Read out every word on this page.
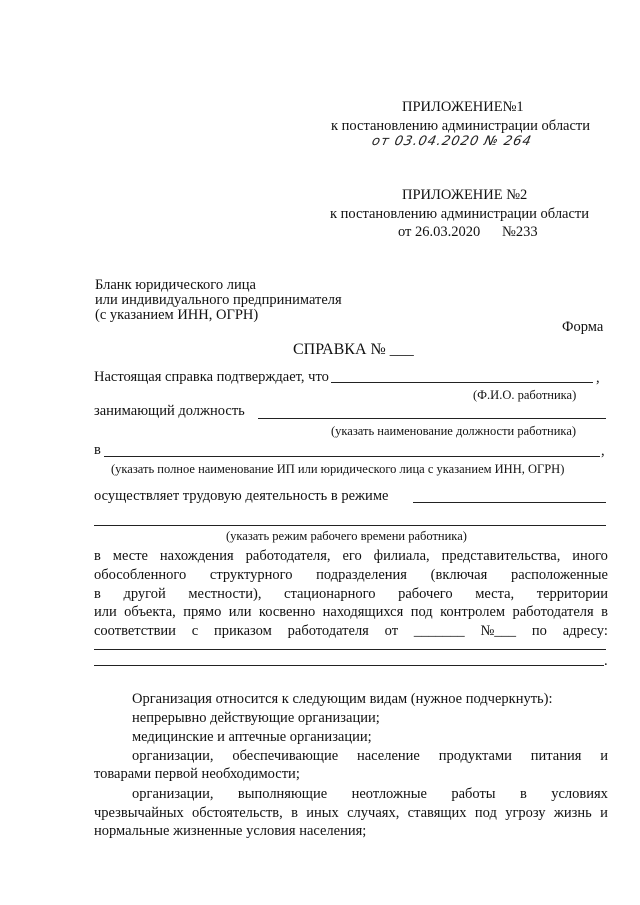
ПРИЛОЖЕНИЕ№1
к постановлению администрации области
от 03.04.2020 № 264
ПРИЛОЖЕНИЕ №2
к постановлению администрации области
от 26.03.2020 №233
Бланк юридического лица
или индивидуального предпринимателя
(с указанием ИНН, ОГРН)
Форма
СПРАВКА № ___
Настоящая справка подтверждает, что	,
(Ф.И.О. работника)
занимающий должность
(указать наименование должности работника)
в	,
(указать полное наименование ИП или юридического лица с указанием ИНН, ОГРН)
осуществляет трудовую деятельность в режиме
(указать режим рабочего времени работника)
в месте нахождения работодателя, его филиала, представительства, иного
обособленного структурного подразделения (включая расположенные
в другой местности), стационарного рабочего места, территории
или объекта, прямо или косвенно находящихся под контролем работодателя в
соответствии с приказом работодателя от _______ №___ по адресу:
.
Организация относится к следующим видам (нужное подчеркнуть):
непрерывно действующие организации;
медицинские и аптечные организации;
организации, обеспечивающие население продуктами питания и
товарами первой необходимости;
организации, выполняющие неотложные работы в условиях
чрезвычайных обстоятельств, в иных случаях, ставящих под угрозу жизнь и
нормальные жизненные условия населения;
